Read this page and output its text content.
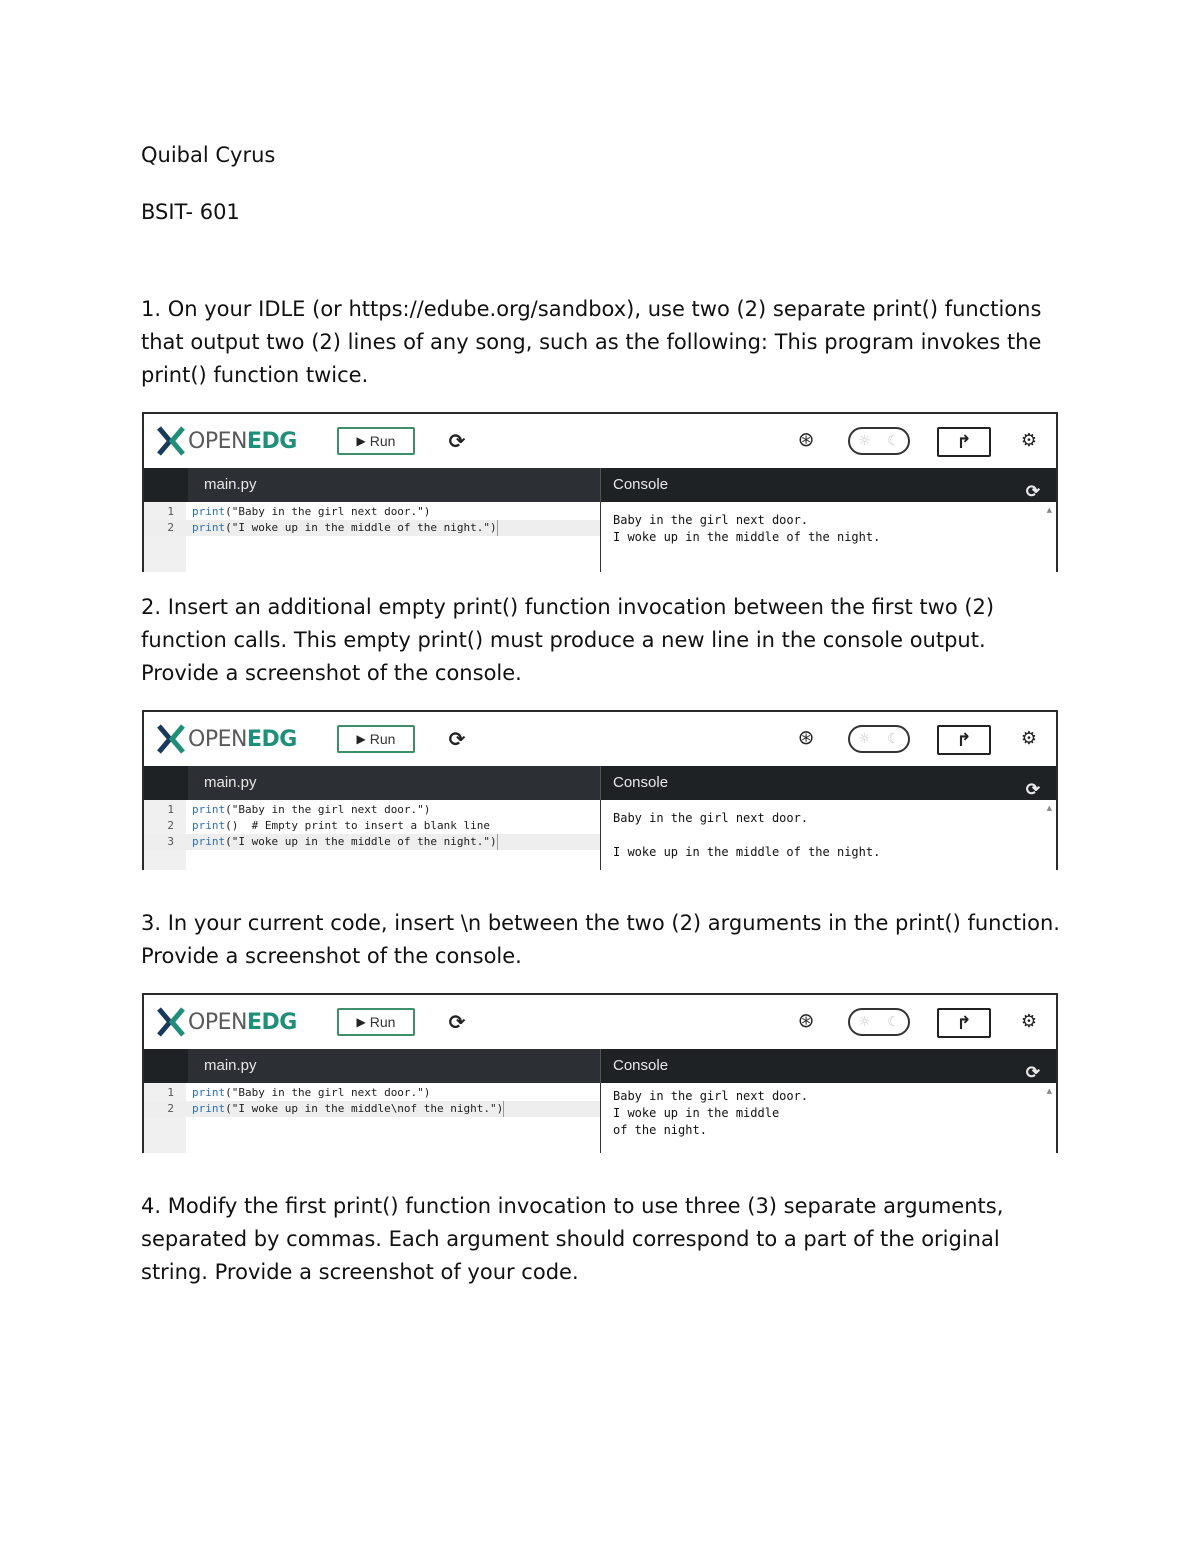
Quibal Cyrus
BSIT- 601
1. On your IDLE (or https://edube.org/sandbox), use two (2) separate print() functions that output two (2) lines of any song, such as the following: This program invokes the print() function twice.
OPENEDG	▶ Run	⟳	⊛	☼ ☾	↱	⚙
main.py	Console	⟳
1 print("Baby in the girl next door.")
2 print("I woke up in the middle of the night.")
▲
Baby in the girl next door.
I woke up in the middle of the night.
2. Insert an additional empty print() function invocation between the first two (2) function calls. This empty print() must produce a new line in the console output. Provide a screenshot of the console.
OPENEDG	▶ Run	⟳	⊛	☼ ☾	↱	⚙
main.py	Console	⟳
1 print("Baby in the girl next door.")
2 print()  # Empty print to insert a blank line
3 print("I woke up in the middle of the night.")
▲
Baby in the girl next door.
I woke up in the middle of the night.
3. In your current code, insert \n between the two (2) arguments in the print() function. Provide a screenshot of the console.
OPENEDG	▶ Run	⟳	⊛	☼ ☾	↱	⚙
main.py	Console	⟳
1 print("Baby in the girl next door.")
2 print("I woke up in the middle\nof the night.")
▲
Baby in the girl next door.
I woke up in the middle
of the night.
4. Modify the first print() function invocation to use three (3) separate arguments, separated by commas. Each argument should correspond to a part of the original string. Provide a screenshot of your code.
